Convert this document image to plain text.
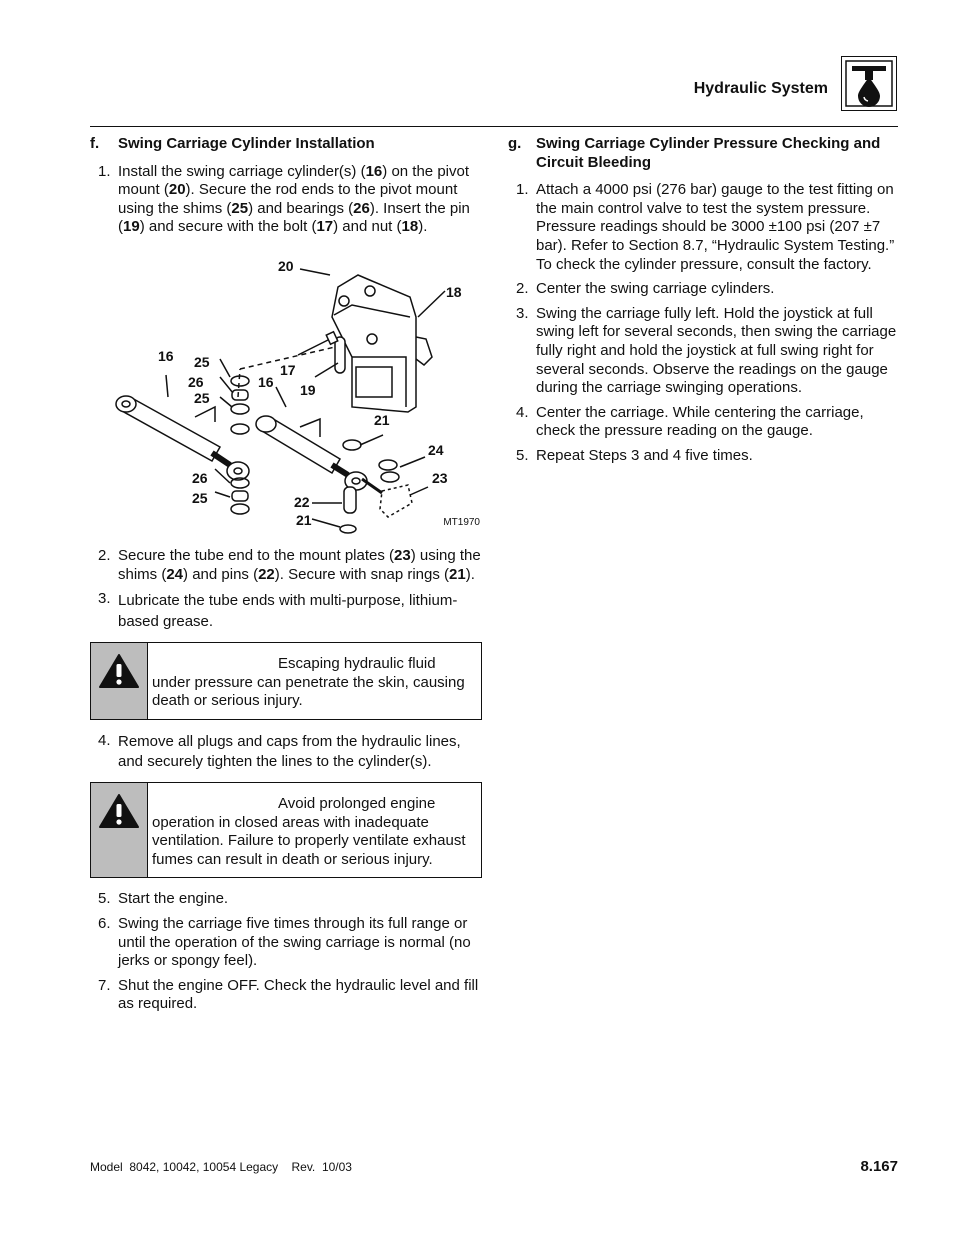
Hydraulic System
f.	Swing Carriage Cylinder Installation
1. Install the swing carriage cylinder(s) (16) on the pivot mount (20). Secure the rod ends to the pivot mount using the shims (25) and bearings (26). Insert the pin (19) and secure with the bolt (17) and nut (18).
20
18
16 25	17
26	16 19
25
21
24
23
26
25	22
21	MT1970
2. Secure the tube end to the mount plates (23) using the shims (24) and pins (22). Secure with snap rings (21).
3. Lubricate the tube ends with multi-purpose, lithium-based grease.
Escaping hydraulic fluid
under pressure can penetrate the skin, causing death or serious injury.
4. Remove all plugs and caps from the hydraulic lines, and securely tighten the lines to the cylinder(s).
Avoid prolonged engine
operation in closed areas with inadequate ventilation. Failure to properly ventilate exhaust fumes can result in death or serious injury.
5. Start the engine.
6. Swing the carriage five times through its full range or until the operation of the swing carriage is normal (no jerks or spongy feel).
7. Shut the engine OFF. Check the hydraulic level and fill as required.
g. Swing Carriage Cylinder Pressure Checking and Circuit Bleeding
1. Attach a 4000 psi (276 bar) gauge to the test fitting on the main control valve to test the system pressure. Pressure readings should be 3000 ±100 psi (207 ±7 bar). Refer to Section 8.7, “Hydraulic System Testing.” To check the cylinder pressure, consult the factory.
2. Center the swing carriage cylinders.
3. Swing the carriage fully left. Hold the joystick at full swing left for several seconds, then swing the carriage fully right and hold the joystick at full swing right for several seconds. Observe the readings on the gauge during the carriage swinging operations.
4. Center the carriage. While centering the carriage, check the pressure reading on the gauge.
5. Repeat Steps 3 and 4 five times.
Model  8042, 10042, 10054 Legacy    Rev.  10/03	8.167
